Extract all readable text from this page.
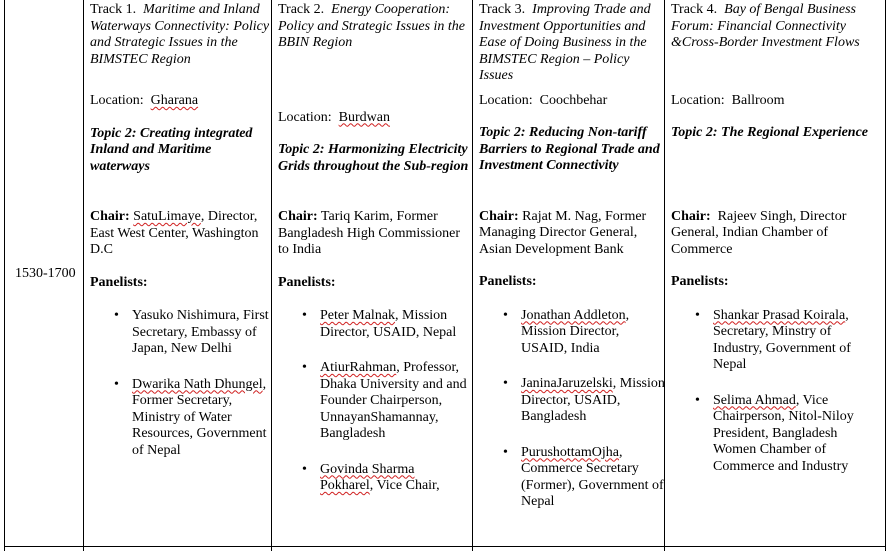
1530-1700
Track 1. Maritime and Inland Waterways Connectivity: Policy and Strategic Issues in the BIMSTEC Region
Location: Gharana
Topic 2: Creating integrated Inland and Maritime waterways
Chair: SatuLimaye, Director, East West Center, Washington D.C
Panelists:
• Yasuko Nishimura, First Secretary, Embassy of Japan, New Delhi
• Dwarika Nath Dhungel, Former Secretary, Ministry of Water Resources, Government of Nepal
Track 2. Energy Cooperation: Policy and Strategic Issues in the BBIN Region
Location: Burdwan
Topic 2: Harmonizing Electricity Grids throughout the Sub-region
Chair: Tariq Karim, Former Bangladesh High Commissioner to India
Panelists:
• Peter Malnak, Mission Director, USAID, Nepal
• AtiurRahman, Professor, Dhaka University and and Founder Chairperson, UnnayanShamannay, Bangladesh
• Govinda Sharma Pokharel, Vice Chair,
Track 3. Improving Trade and Investment Opportunities and Ease of Doing Business in the BIMSTEC Region – Policy Issues
Location: Coochbehar
Topic 2: Reducing Non-tariff Barriers to Regional Trade and Investment Connectivity
Chair: Rajat M. Nag, Former Managing Director General, Asian Development Bank
Panelists:
• Jonathan Addleton, Mission Director, USAID, India
• JaninaJaruzelski, Mission Director, USAID, Bangladesh
• PurushottamOjha, Commerce Secretary (Former), Government of Nepal
Track 4. Bay of Bengal Business Forum: Financial Connectivity &Cross-Border Investment Flows
Location: Ballroom
Topic 2: The Regional Experience
Chair: Rajeev Singh, Director General, Indian Chamber of Commerce
Panelists:
• Shankar Prasad Koirala, Secretary, Minstry of Industry, Government of Nepal
• Selima Ahmad, Vice Chairperson, Nitol-Niloy President, Bangladesh Women Chamber of Commerce and Industry
